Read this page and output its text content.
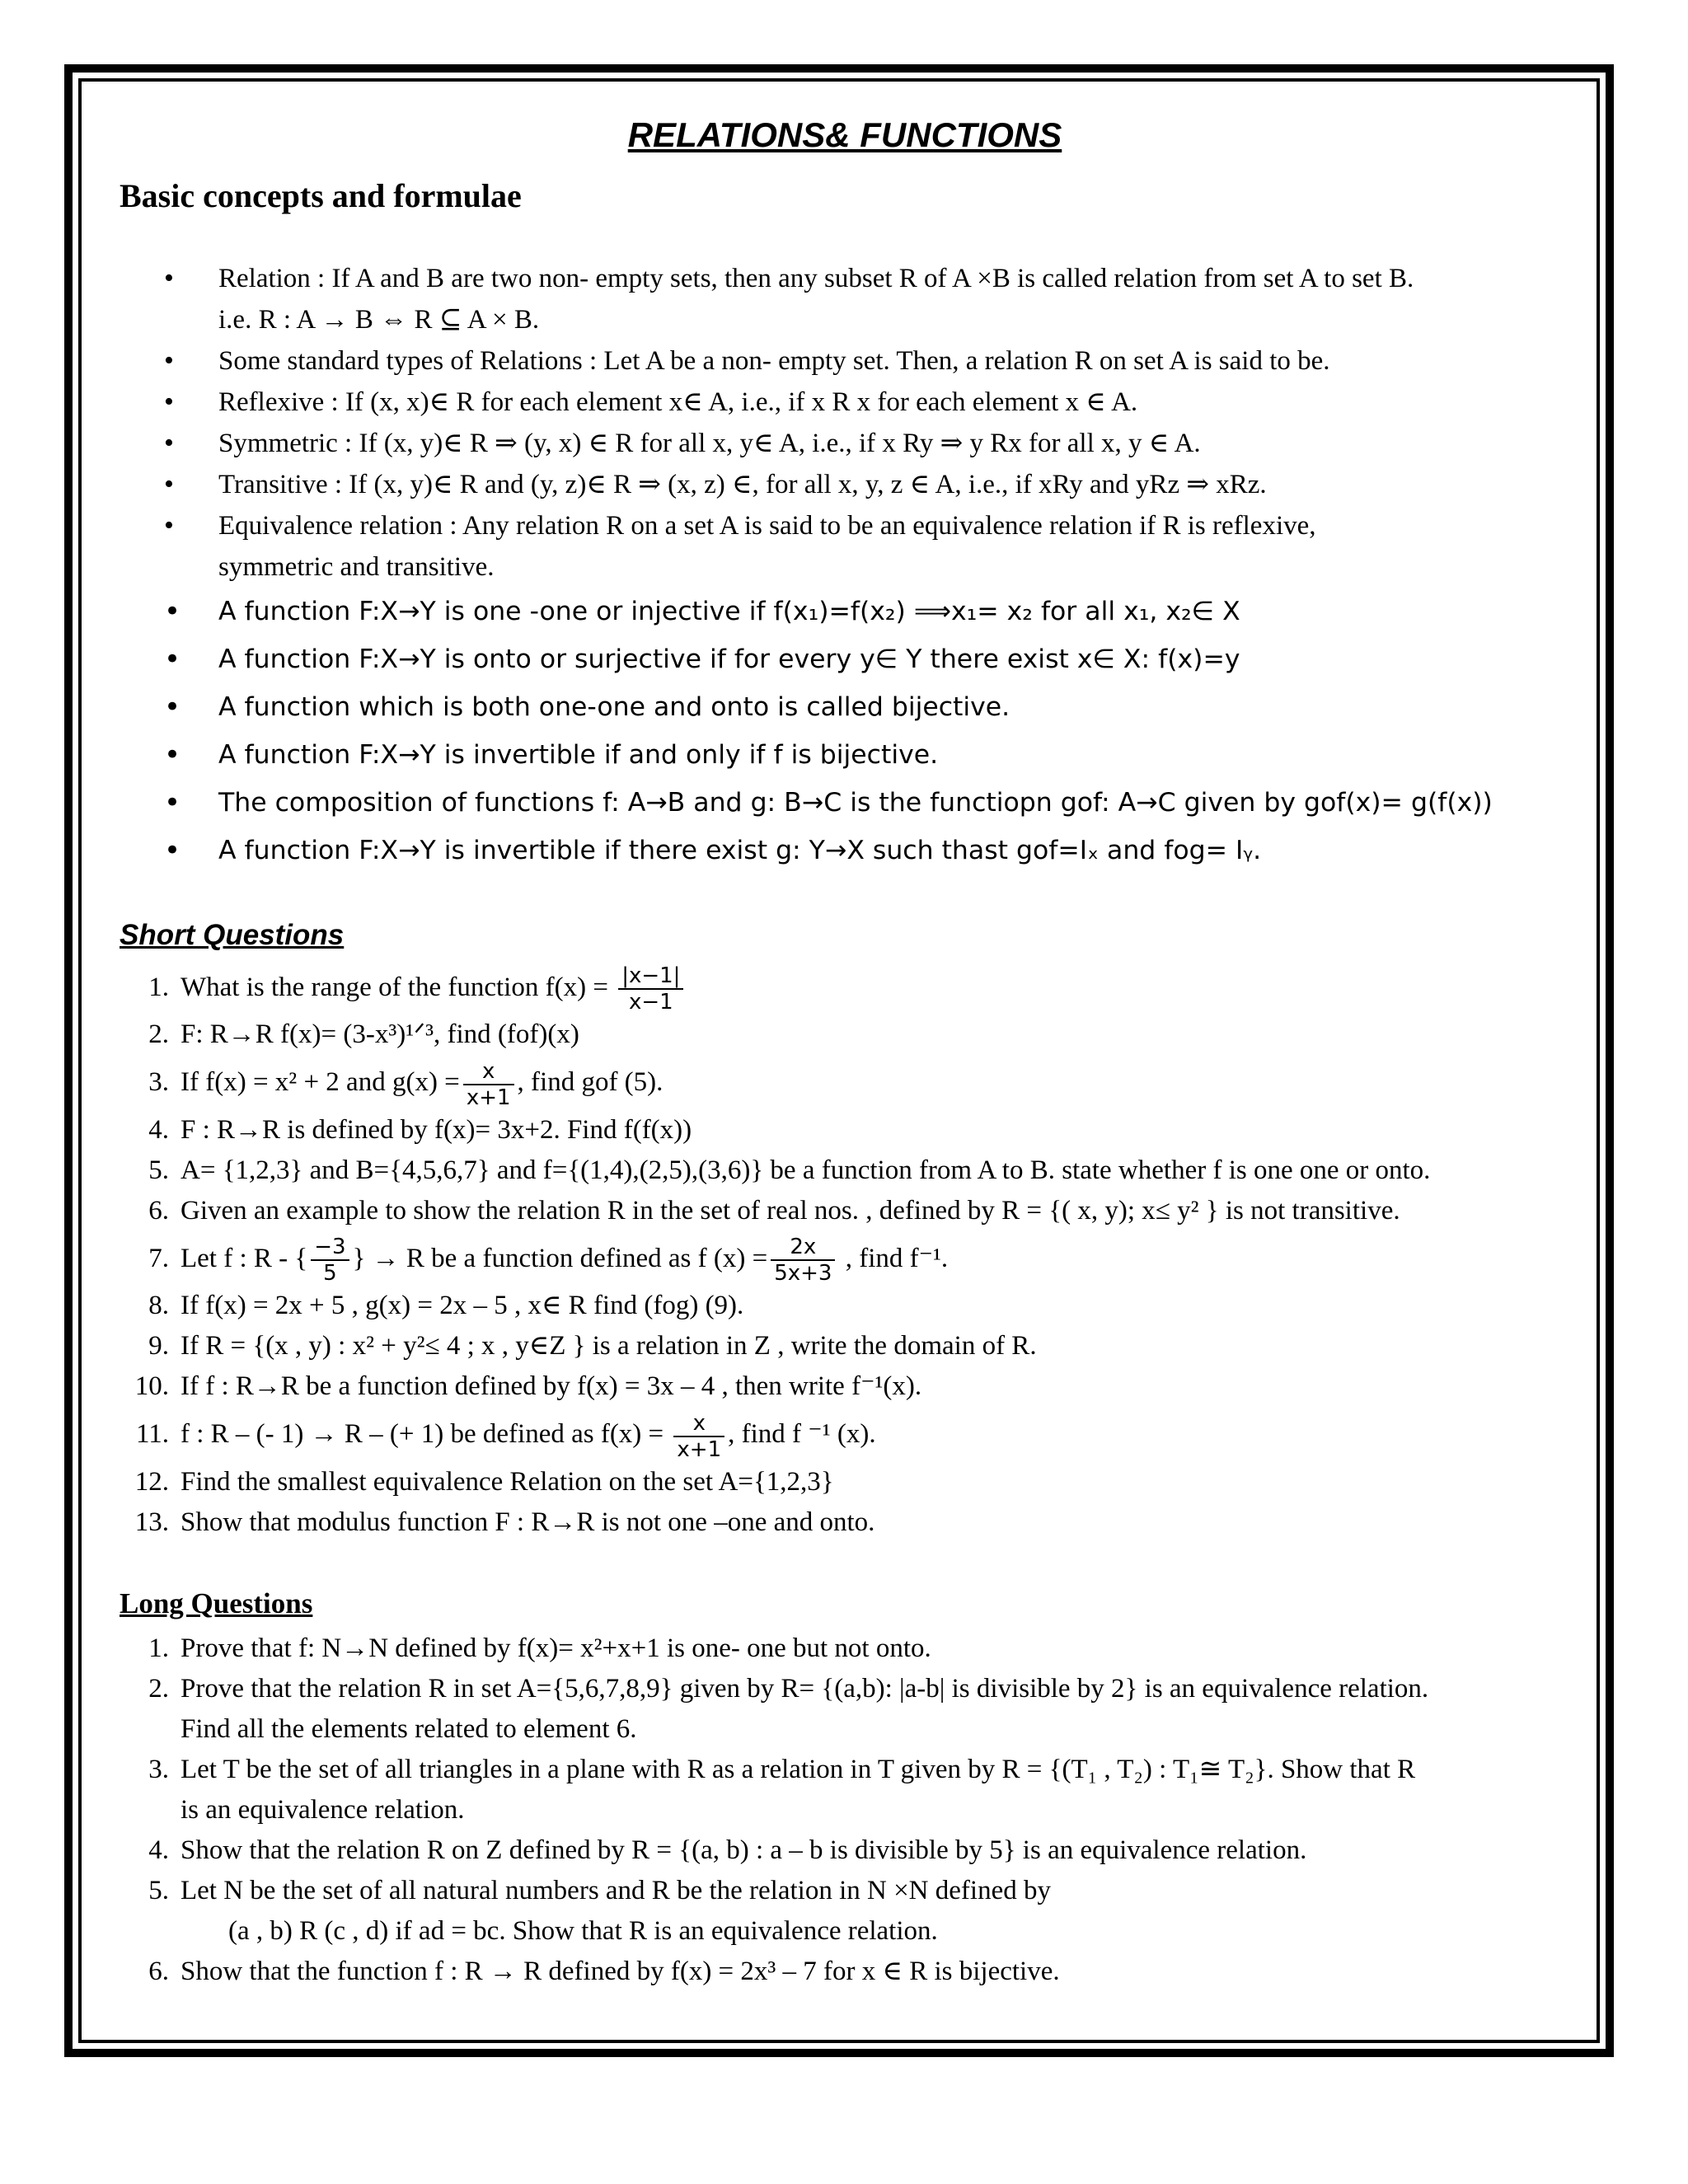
RELATIONS& FUNCTIONS
Basic concepts and formulae
• Relation : If A and B are two non- empty sets, then any subset R of A ×B is called relation from set A to set B.
i.e. R : A → B ⇔ R ⊆ A × B.
• Some standard types of Relations : Let A be a non- empty set. Then, a relation R on set A is said to be.
• Reflexive : If (x, x)∈ R for each element x∈ A, i.e., if x R x for each element x ∈ A.
• Symmetric : If (x, y)∈ R ⇒ (y, x) ∈ R for all x, y∈ A, i.e., if x Ry ⇒ y Rx for all x, y ∈ A.
• Transitive : If (x, y)∈ R and (y, z)∈ R ⇒ (x, z) ∈, for all x, y, z ∈ A, i.e., if xRy and yRz ⇒ xRz.
• Equivalence relation : Any relation R on a set A is said to be an equivalence relation if R is reflexive,
symmetric and transitive.
• A function F:X→Y is one -one or injective if f(x₁)=f(x₂) ⟹x₁= x₂ for all x₁, x₂∈ X
• A function F:X→Y is onto or surjective if for every y∈ Y there exist x∈ X: f(x)=y
• A function which is both one-one and onto is called bijective.
• A function F:X→Y is invertible if and only if f is bijective.
• The composition of functions f: A→B and g: B→C is the functiopn gof: A→C given by gof(x)= g(f(x))
• A function F:X→Y is invertible if there exist g: Y→X such thast gof=Iₓ and fog= Iᵧ.
Short Questions
1. What is the range of the function $f(x) = \frac{|x-1|}{x-1}$
2. F: R→R f(x)= (3-x³)¹ᐟ³, find (fof)(x)
3. If f(x) = x² + 2 and $g(x) = \frac{x}{x+1}$ , find gof (5).
4. F : R→R is defined by f(x)= 3x+2. Find f(f(x))
5. A= {1,2,3} and B={4,5,6,7} and f={(1,4),(2,5),(3,6)} be a function from A to B. state whether f is one one or onto.
6. Given an example to show the relation R in the set of real nos. , defined by R = {( x, y); x≤ y² } is not transitive.
7. Let f : R - { $\frac{-3}{5}$ } → R be a function defined as f $(x) = \frac{2x}{5x+3}$ , find f⁻¹.
8. If f(x) = 2x + 5 , g(x) = 2x – 5 , x∈ R find (fog) (9).
9. If R = {(x , y) : x² + y²≤ 4 ; x , y∈Z } is a relation in Z , write the domain of R.
10. If f : R→R be a function defined by f(x) = 3x – 4 , then write f⁻¹(x).
11. f : R – (- 1) → R – (+ 1) be defined as $f(x) = \frac{x}{x+1}$ , find f ⁻¹ (x).
12. Find the smallest equivalence Relation on the set A={1,2,3}
13. Show that modulus function F : R→R is not one –one and onto.
Long Questions
1. Prove that f: N→N defined by f(x)= x²+x+1 is one- one but not onto.
2. Prove that the relation R in set A={5,6,7,8,9} given by R= {(a,b): |a-b| is divisible by 2} is an equivalence relation.
Find all the elements related to element 6.
3. Let T be the set of all triangles in a plane with R as a relation in T given by R = {(T₁ , T₂) : T₁≅ T₂}. Show that R
is an equivalence relation.
4. Show that the relation R on Z defined by R = {(a, b) : a – b is divisible by 5} is an equivalence relation.
5. Let N be the set of all natural numbers and R be the relation in N ×N defined by
(a , b) R (c , d) if ad = bc. Show that R is an equivalence relation.
6. Show that the function f : R → R defined by f(x) = 2x³ – 7 for x ∈ R is bijective.
